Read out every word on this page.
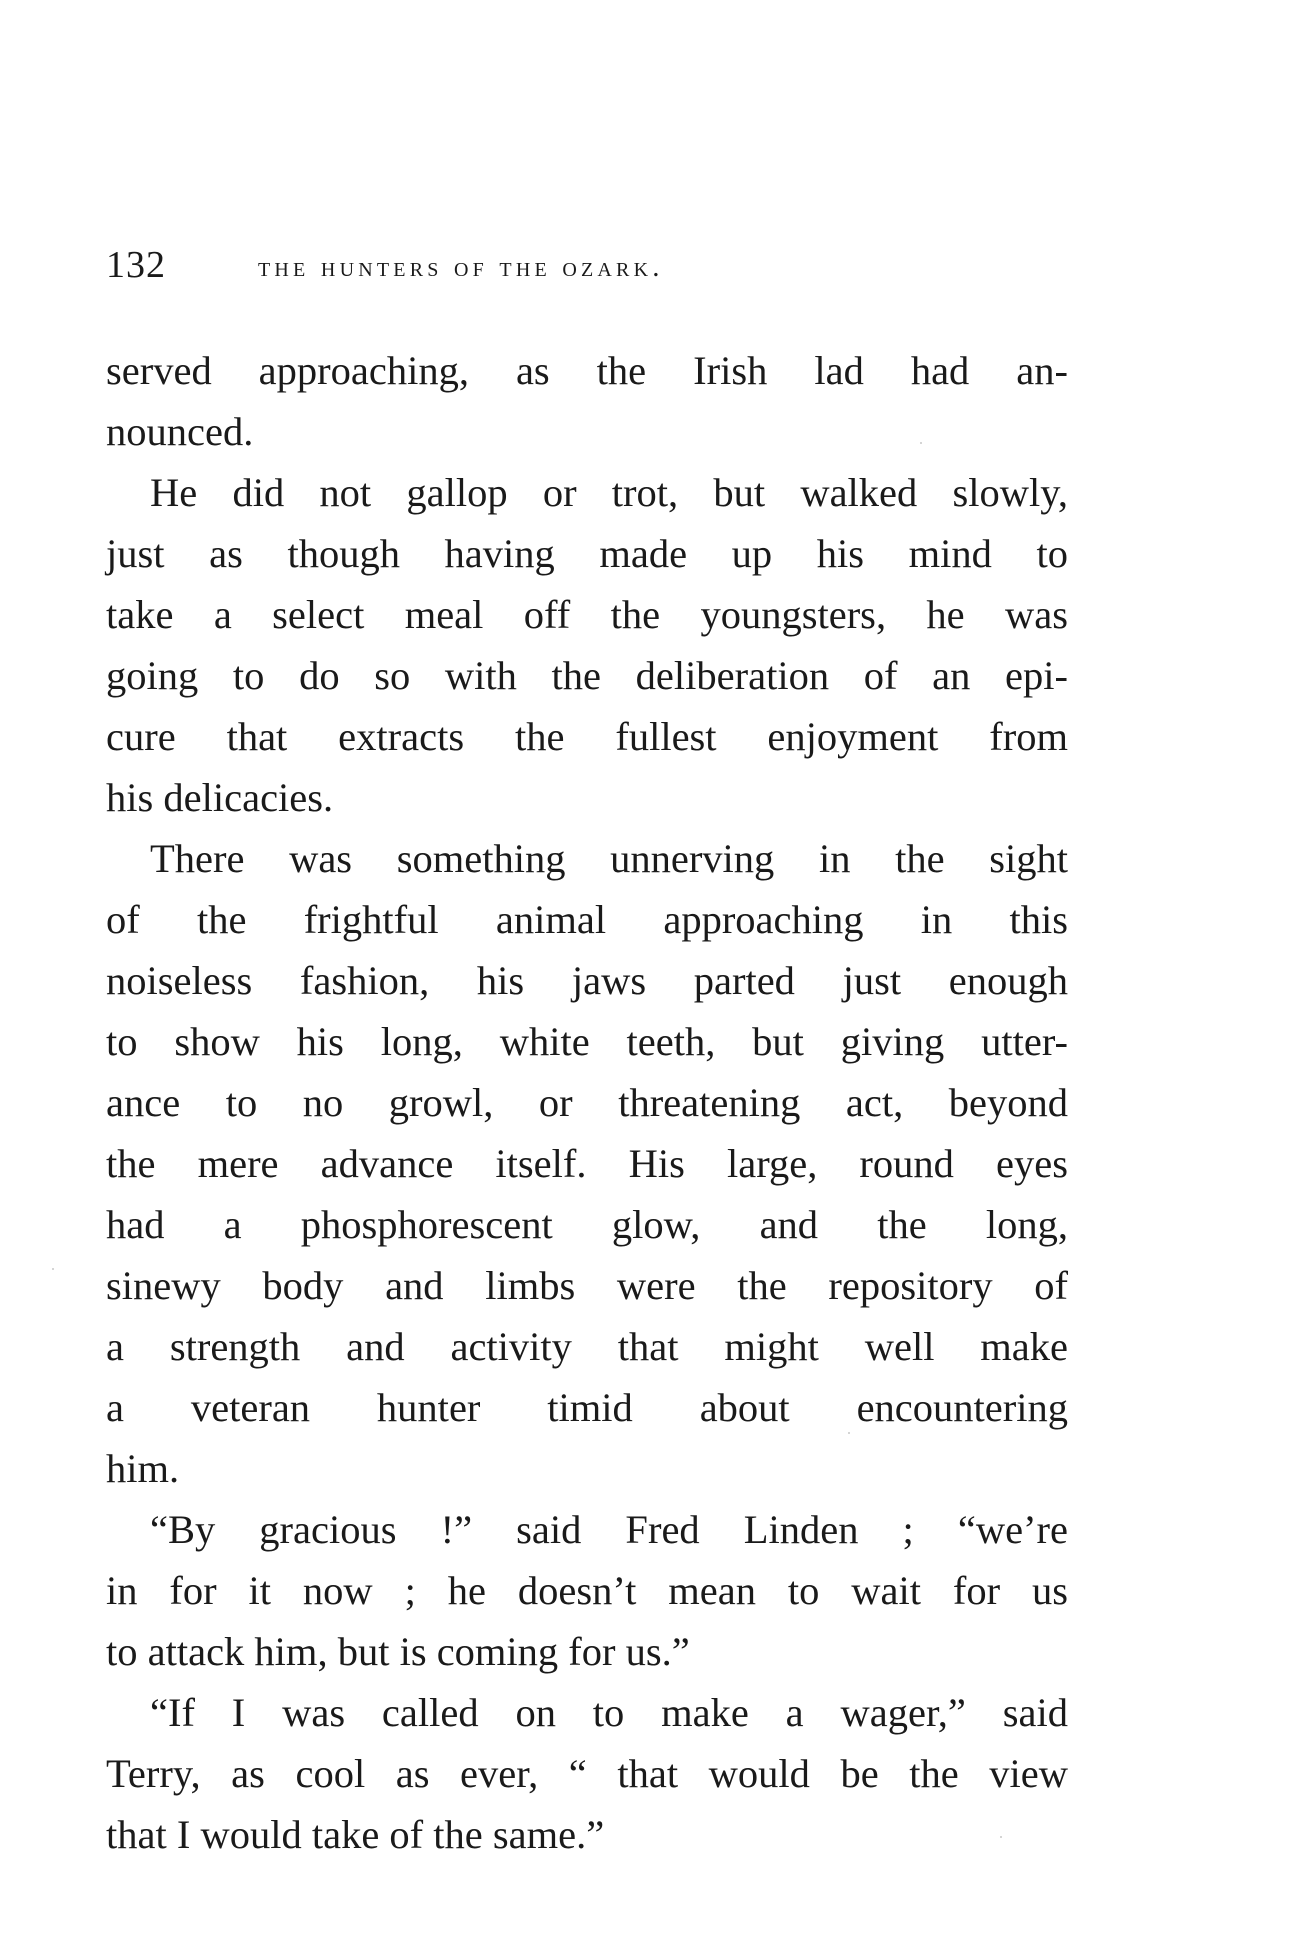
132	the hunters of the ozark.
served approaching, as the Irish lad had an-
nounced.
He did not gallop or trot, but walked slowly,
just as though having made up his mind to
take a select meal off the youngsters, he was
going to do so with the deliberation of an epi-
cure that extracts the fullest enjoyment from
his delicacies.
There was something unnerving in the sight
of the frightful animal approaching in this
noiseless fashion, his jaws parted just enough
to show his long, white teeth, but giving utter-
ance to no growl, or threatening act, beyond
the mere advance itself. His large, round eyes
had a phosphorescent glow, and the long,
sinewy body and limbs were the repository of
a strength and activity that might well make
a veteran hunter timid about encountering
him.
“By gracious !” said Fred Linden ; “we’re
in for it now ; he doesn’t mean to wait for us
to attack him, but is coming for us.”
“If I was called on to make a wager,” said
Terry, as cool as ever, “ that would be the view
that I would take of the same.”
